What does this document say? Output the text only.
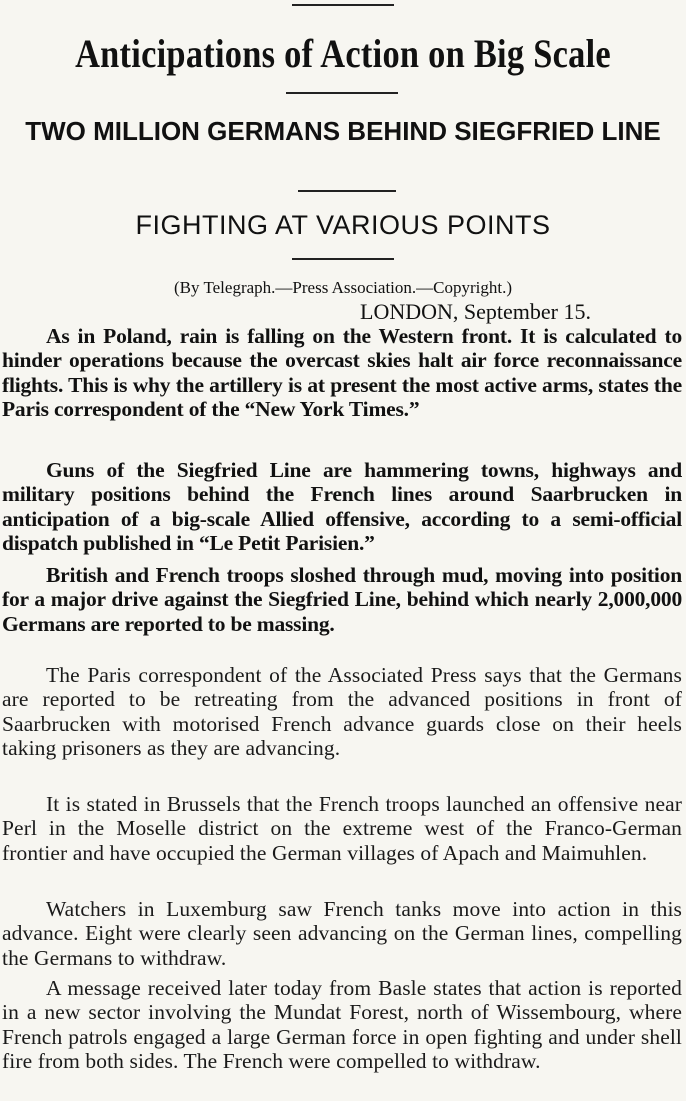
Anticipations of Action on Big Scale
TWO MILLION GERMANS BEHIND SIEGFRIED LINE
FIGHTING AT VARIOUS POINTS
(By Telegraph.—Press Association.—Copyright.)
LONDON, September 15.

As in Poland, rain is falling on the Western front. It is calculated to hinder operations because the overcast skies halt air force reconnaissance flights. This is why the artillery is at present the most active arms, states the Paris correspondent of the “New York Times.”

Guns of the Siegfried Line are hammering towns, highways and military positions behind the French lines around Saarbrucken in anticipation of a big-scale Allied offensive, according to a semi-official dispatch published in “Le Petit Parisien.”

British and French troops sloshed through mud, moving into position for a major drive against the Siegfried Line, behind which nearly 2,000,000 Germans are reported to be massing.

The Paris correspondent of the Associated Press says that the Germans are reported to be retreating from the advanced positions in front of Saarbrucken with motorised French advance guards close on their heels taking prisoners as they are advancing.

It is stated in Brussels that the French troops launched an offensive near Perl in the Moselle district on the extreme west of the Franco-German frontier and have occupied the German villages of Apach and Maimuhlen.

Watchers in Luxemburg saw French tanks move into action in this advance. Eight were clearly seen advancing on the German lines, compelling the Germans to withdraw.

A message received later today from Basle states that action is reported in a new sector involving the Mundat Forest, north of Wissembourg, where French patrols engaged a large German force in open fighting and under shell fire from both sides. The French were compelled to withdraw.
